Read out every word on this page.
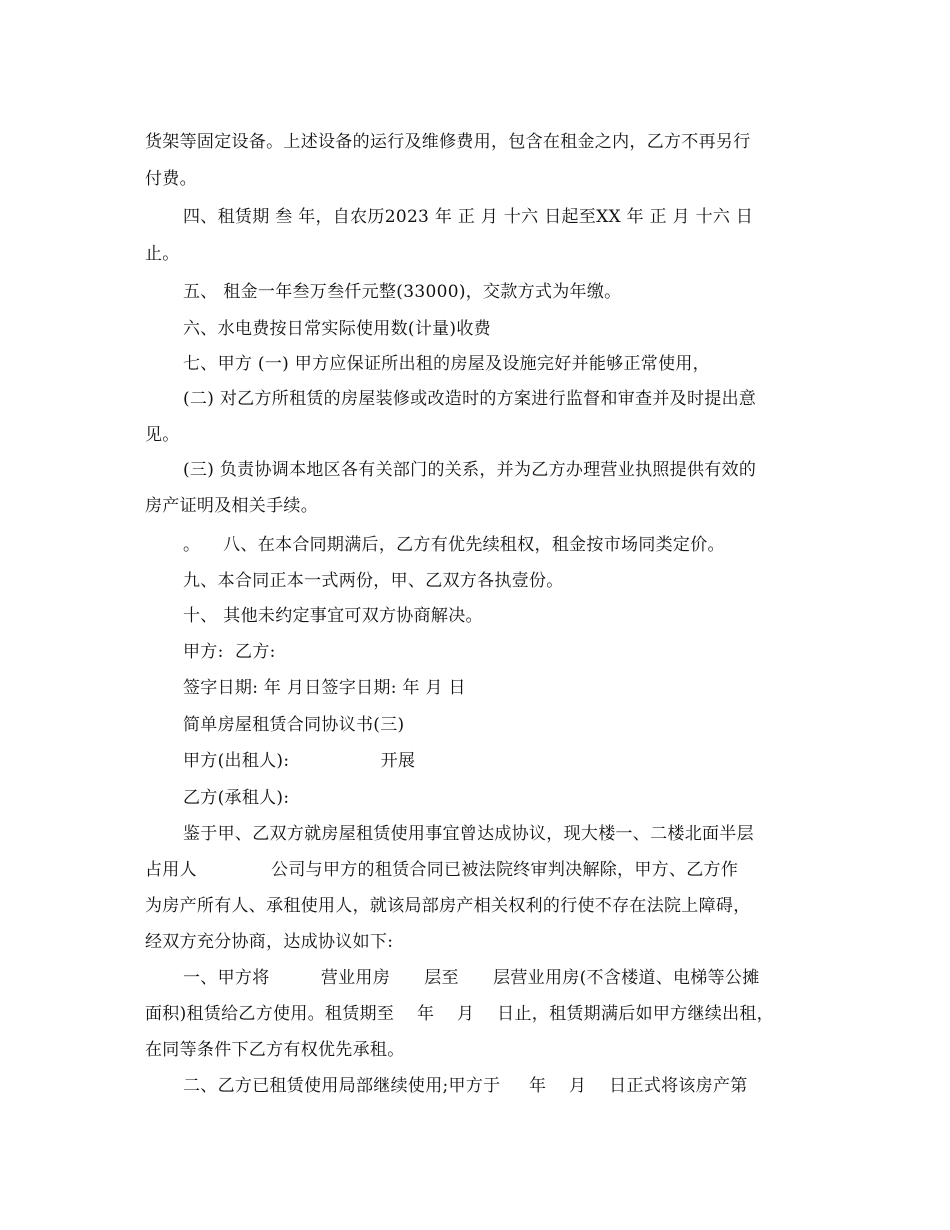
货架等固定设备。上述设备的运行及维修费用，包含在租金之内，乙方不再另行
付费。
四、租赁期 叁 年，自农历2023 年 正 月 十六 日起至XX 年 正 月 十六 日
止。
五、 租金一年叁万叁仟元整(33000)，交款方式为年缴。
六、水电费按日常实际使用数(计量)收费
七、甲方 (一) 甲方应保证所出租的房屋及设施完好并能够正常使用，
(二) 对乙方所租赁的房屋装修或改造时的方案进行监督和审查并及时提出意
见。
(三) 负责协调本地区各有关部门的关系，并为乙方办理营业执照提供有效的
房产证明及相关手续。
。    八、在本合同期满后，乙方有优先续租权，租金按市场同类定价。
九、本合同正本一式两份，甲、乙双方各执壹份。
十、 其他未约定事宜可双方协商解决。
甲方:  乙方:
签字日期: 年 月日签字日期: 年 月 日
简单房屋租赁合同协议书(三)
甲方(出租人):                开展
乙方(承租人):
鉴于甲、乙双方就房屋租赁使用事宜曾达成协议，现大楼一、二楼北面半层
占用人             公司与甲方的租赁合同已被法院终审判决解除，甲方、乙方作
为房产所有人、承租使用人，就该局部房产相关权利的行使不存在法院上障碍，
经双方充分协商，达成协议如下:
一、甲方将         营业用房      层至      层营业用房(不含楼道、电梯等公摊
面积)租赁给乙方使用。租赁期至    年    月    日止，租赁期满后如甲方继续出租，
在同等条件下乙方有权优先承租。
二、乙方已租赁使用局部继续使用;甲方于     年    月    日正式将该房产第
